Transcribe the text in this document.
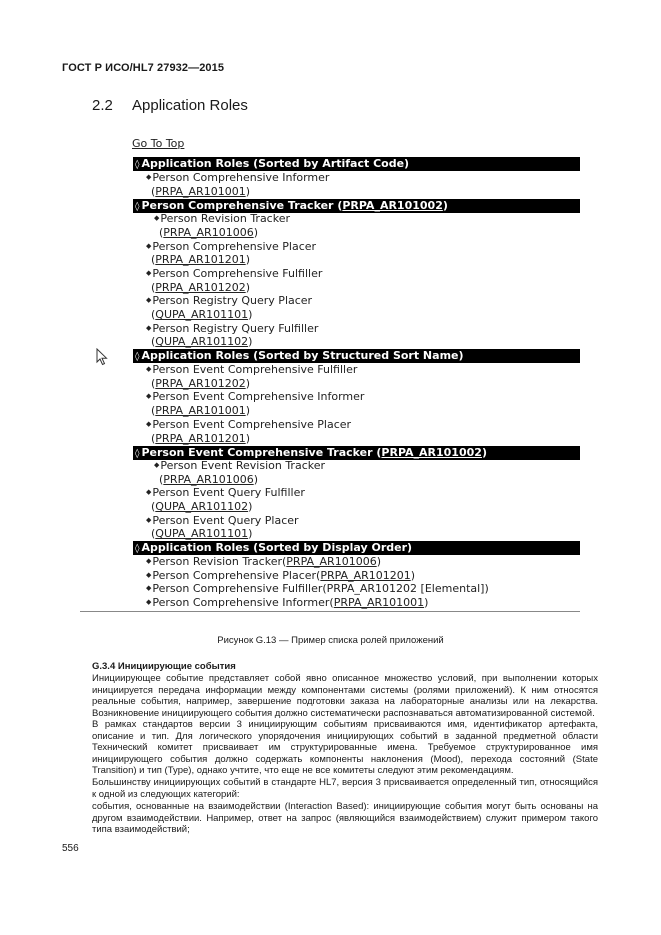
ГОСТ Р ИСО/HL7 27932—2015
2.2 Application Roles
Go To Top
◊ Application Roles (Sorted by Artifact Code)
◆Person Comprehensive Informer
(PRPA_AR101001)
◊ Person Comprehensive Tracker (PRPA_AR101002)
◆Person Revision Tracker
(PRPA_AR101006)
◆Person Comprehensive Placer
(PRPA_AR101201)
◆Person Comprehensive Fulfiller
(PRPA_AR101202)
◆Person Registry Query Placer
(QUPA_AR101101)
◆Person Registry Query Fulfiller
(QUPA_AR101102)
◊ Application Roles (Sorted by Structured Sort Name)
◆Person Event Comprehensive Fulfiller
(PRPA_AR101202)
◆Person Event Comprehensive Informer
(PRPA_AR101001)
◆Person Event Comprehensive Placer
(PRPA_AR101201)
◊ Person Event Comprehensive Tracker (PRPA_AR101002)
◆Person Event Revision Tracker
(PRPA_AR101006)
◆Person Event Query Fulfiller
(QUPA_AR101102)
◆Person Event Query Placer
(QUPA_AR101101)
◊ Application Roles (Sorted by Display Order)
◆Person Revision Tracker(PRPA_AR101006)
◆Person Comprehensive Placer(PRPA_AR101201)
◆Person Comprehensive Fulfiller(PRPA_AR101202 [Elemental])
◆Person Comprehensive Informer(PRPA_AR101001)
Рисунок G.13 — Пример списка ролей приложений
G.3.4 Инициирующие события
Инициирующее событие представляет собой явно описанное множество условий, при выполнении которых инициируется передача информации между компонентами системы (ролями приложений). К ним относятся реальные события, например, завершение подготовки заказа на лабораторные анализы или на лекарства. Возникновение инициирующего события должно систематически распознаваться автоматизированной системой.
В рамках стандартов версии 3 инициирующим событиям присваиваются имя, идентификатор артефакта, описание и тип. Для логического упорядочения инициирующих событий в заданной предметной области Технический комитет присваивает им структурированные имена. Требуемое структурированное имя инициирующего события должно содержать компоненты наклонения (Mood), перехода состояний (State Transition) и тип (Type), однако учтите, что еще не все комитеты следуют этим рекомендациям.
Большинству инициирующих событий в стандарте HL7, версия 3 присваивается определенный тип, относящийся к одной из следующих категорий:
события, основанные на взаимодействии (Interaction Based): инициирующие события могут быть основаны на другом взаимодействии. Например, ответ на запрос (являющийся взаимодействием) служит примером такого типа взаимодействий;
556
